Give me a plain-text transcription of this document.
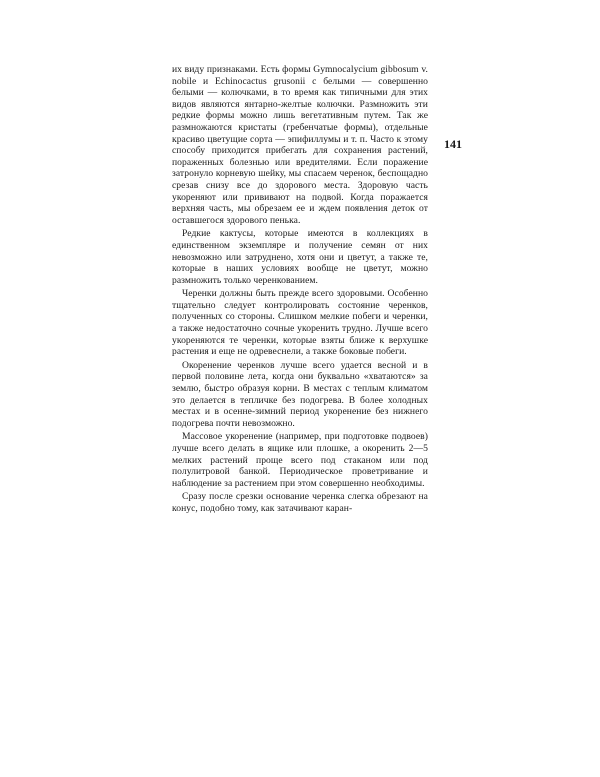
141

их виду признаками. Есть формы Gymnocalycium gibbosum v. nobile и Echinocactus grusonii с белыми — совершенно белыми — колючками, в то время как типичными для этих видов являются янтарно-желтые колючки. Размножить эти редкие формы можно лишь вегетативным путем. Так же размножаются кристаты (гребенчатые формы), отдельные красиво цветущие сорта — эпифиллумы и т. п. Часто к этому способу приходится прибегать для сохранения растений, пораженных болезнью или вредителями. Если поражение затронуло корневую шейку, мы спасаем черенок, беспощадно срезав снизу все до здорового места. Здоровую часть укореняют или прививают на подвой. Когда поражается верхняя часть, мы обрезаем ее и ждем появления деток от оставшегося здорового пенька.

Редкие кактусы, которые имеются в коллекциях в единственном экземпляре и получение семян от них невозможно или затруднено, хотя они и цветут, а также те, которые в наших условиях вообще не цветут, можно размножить только черенкованием.

Черенки должны быть прежде всего здоровыми. Особенно тщательно следует контролировать состояние черенков, полученных со стороны. Слишком мелкие побеги и черенки, а также недостаточно сочные укоренить трудно. Лучше всего укореняются те черенки, которые взяты ближе к верхушке растения и еще не одревеснели, а также боковые побеги.

Окоренение черенков лучше всего удается весной и в первой половине лета, когда они буквально «хватаются» за землю, быстро образуя корни. В местах с теплым климатом это делается в тепличке без подогрева. В более холодных местах и в осенне-зимний период укоренение без нижнего подогрева почти невозможно.

Массовое укоренение (например, при подготовке подвоев) лучше всего делать в ящике или плошке, а окоренить 2—5 мелких растений проще всего под стаканом или под полулитровой банкой. Периодическое проветривание и наблюдение за растением при этом совершенно необходимы.

Сразу после срезки основание черенка слегка обрезают на конус, подобно тому, как затачивают каран-
